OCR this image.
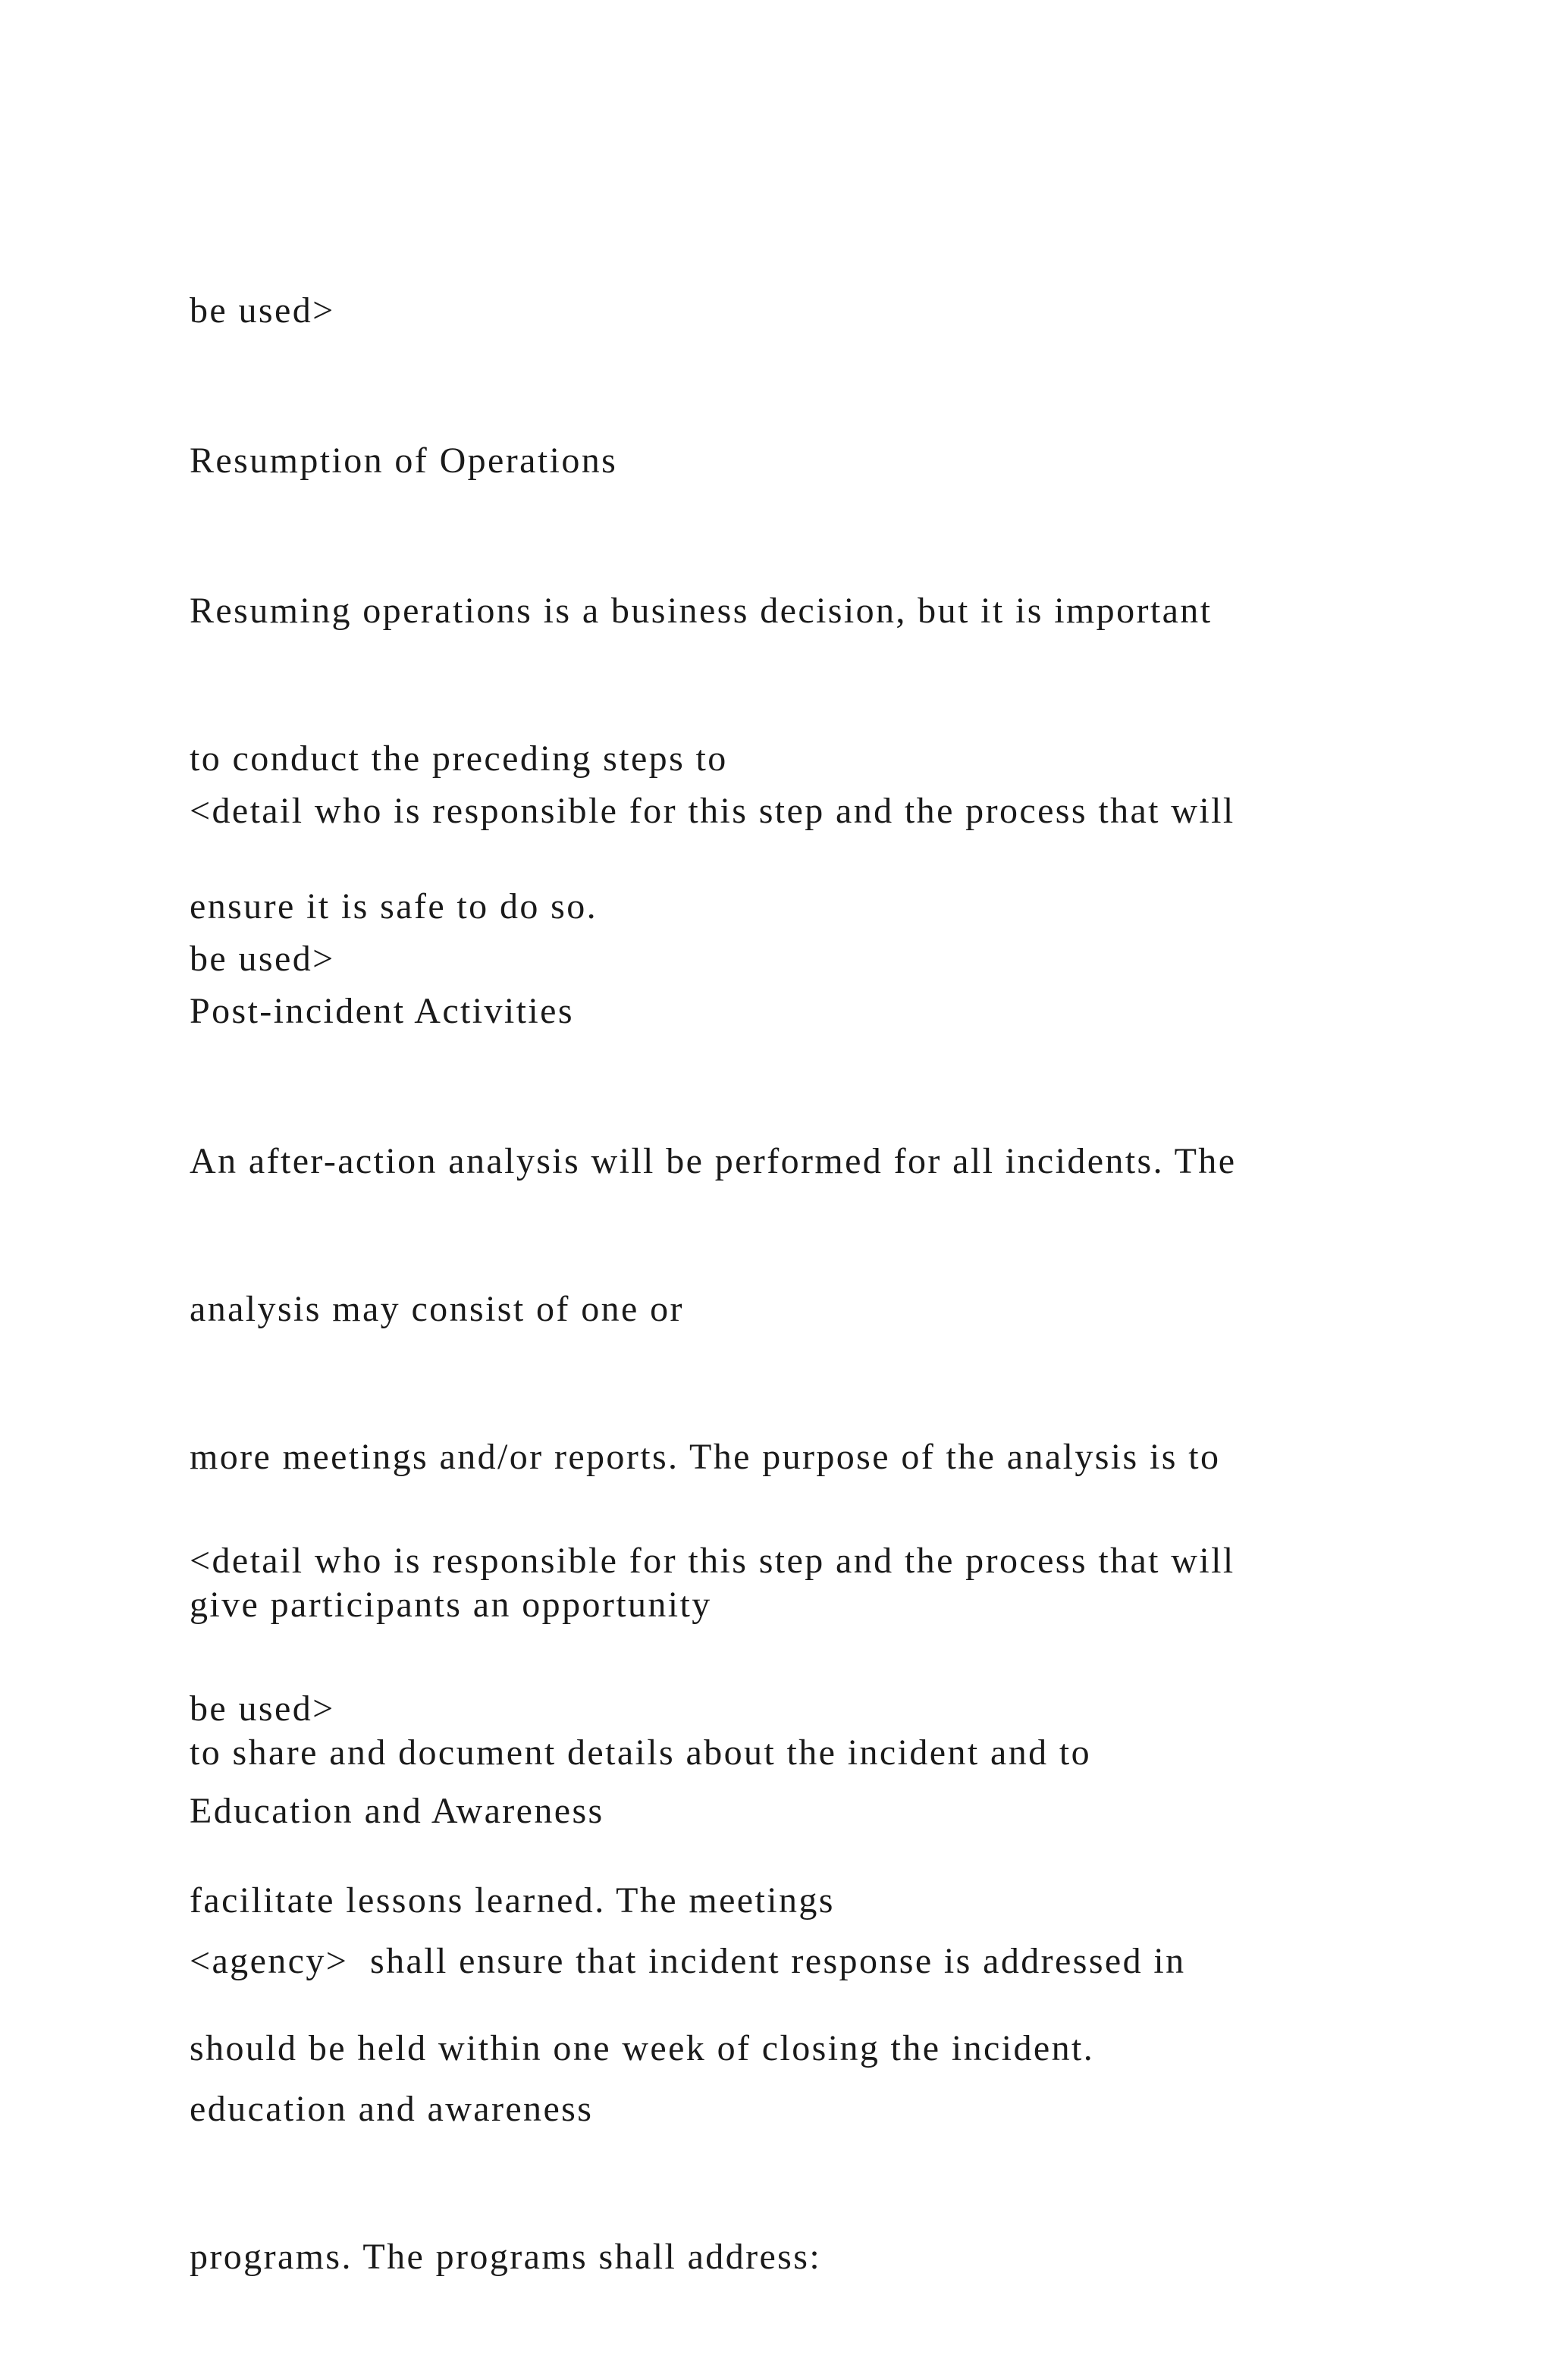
be used>

Resumption of Operations

Resuming operations is a business decision, but it is important

to conduct the preceding steps to

ensure it is safe to do so.

<detail who is responsible for this step and the process that will

be used>

Post-incident Activities

An after-action analysis will be performed for all incidents. The

analysis may consist of one or

more meetings and/or reports. The purpose of the analysis is to

give participants an opportunity

to share and document details about the incident and to

facilitate lessons learned. The meetings

should be held within one week of closing the incident.

<detail who is responsible for this step and the process that will

be used>

Education and Awareness

<agency>  shall ensure that incident response is addressed in

education and awareness

programs. The programs shall address:
